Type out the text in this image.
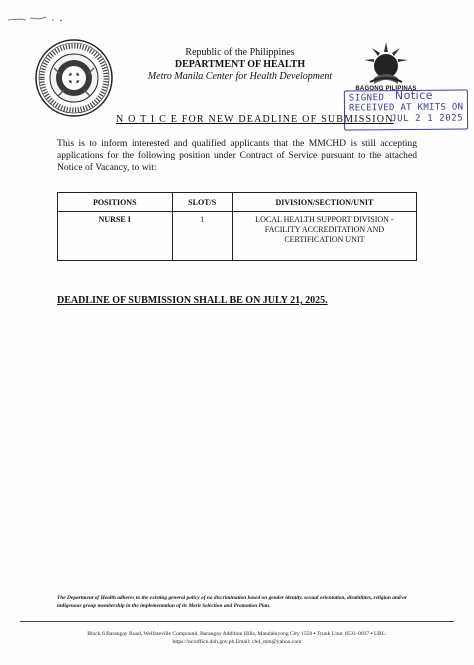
Republic of the Philippines
DEPARTMENT OF HEALTH
Metro Manila Center for Health Development
BAGONG PILIPINAS
SIGNED Notice
RECEIVED AT KMITS ON
JUL 2 1 2025
N O T I C E FOR NEW DEADLINE OF SUBMISSION
This is to inform interested and qualified applicants that the MMCHD is still accepting applications for the following position under Contract of Service pursuant to the attached Notice of Vacancy, to wit:
POSITIONS	SLOT/S	DIVISION/SECTION/UNIT
NURSE I	1	LOCAL HEALTH SUPPORT DIVISION - FACILITY ACCREDITATION AND CERTIFICATION UNIT
DEADLINE OF SUBMISSION SHALL BE ON JULY 21, 2025.
The Department of Health adheres to the existing general policy of no discrimination based on gender identity, sexual orientation, disabilities, religion and/or indigenous group membership in the implementation of its Merit Selection and Promotion Plan.
Block 6 Barangay Road, Welfareville Compound, Barangay Addition Hills, Mandaluyong City 1550 ▪ Trunk Line: 8531-0037 ▪ URL: https://ncroffice.doh.gov.ph Email: chd_mm@yahoo.com
